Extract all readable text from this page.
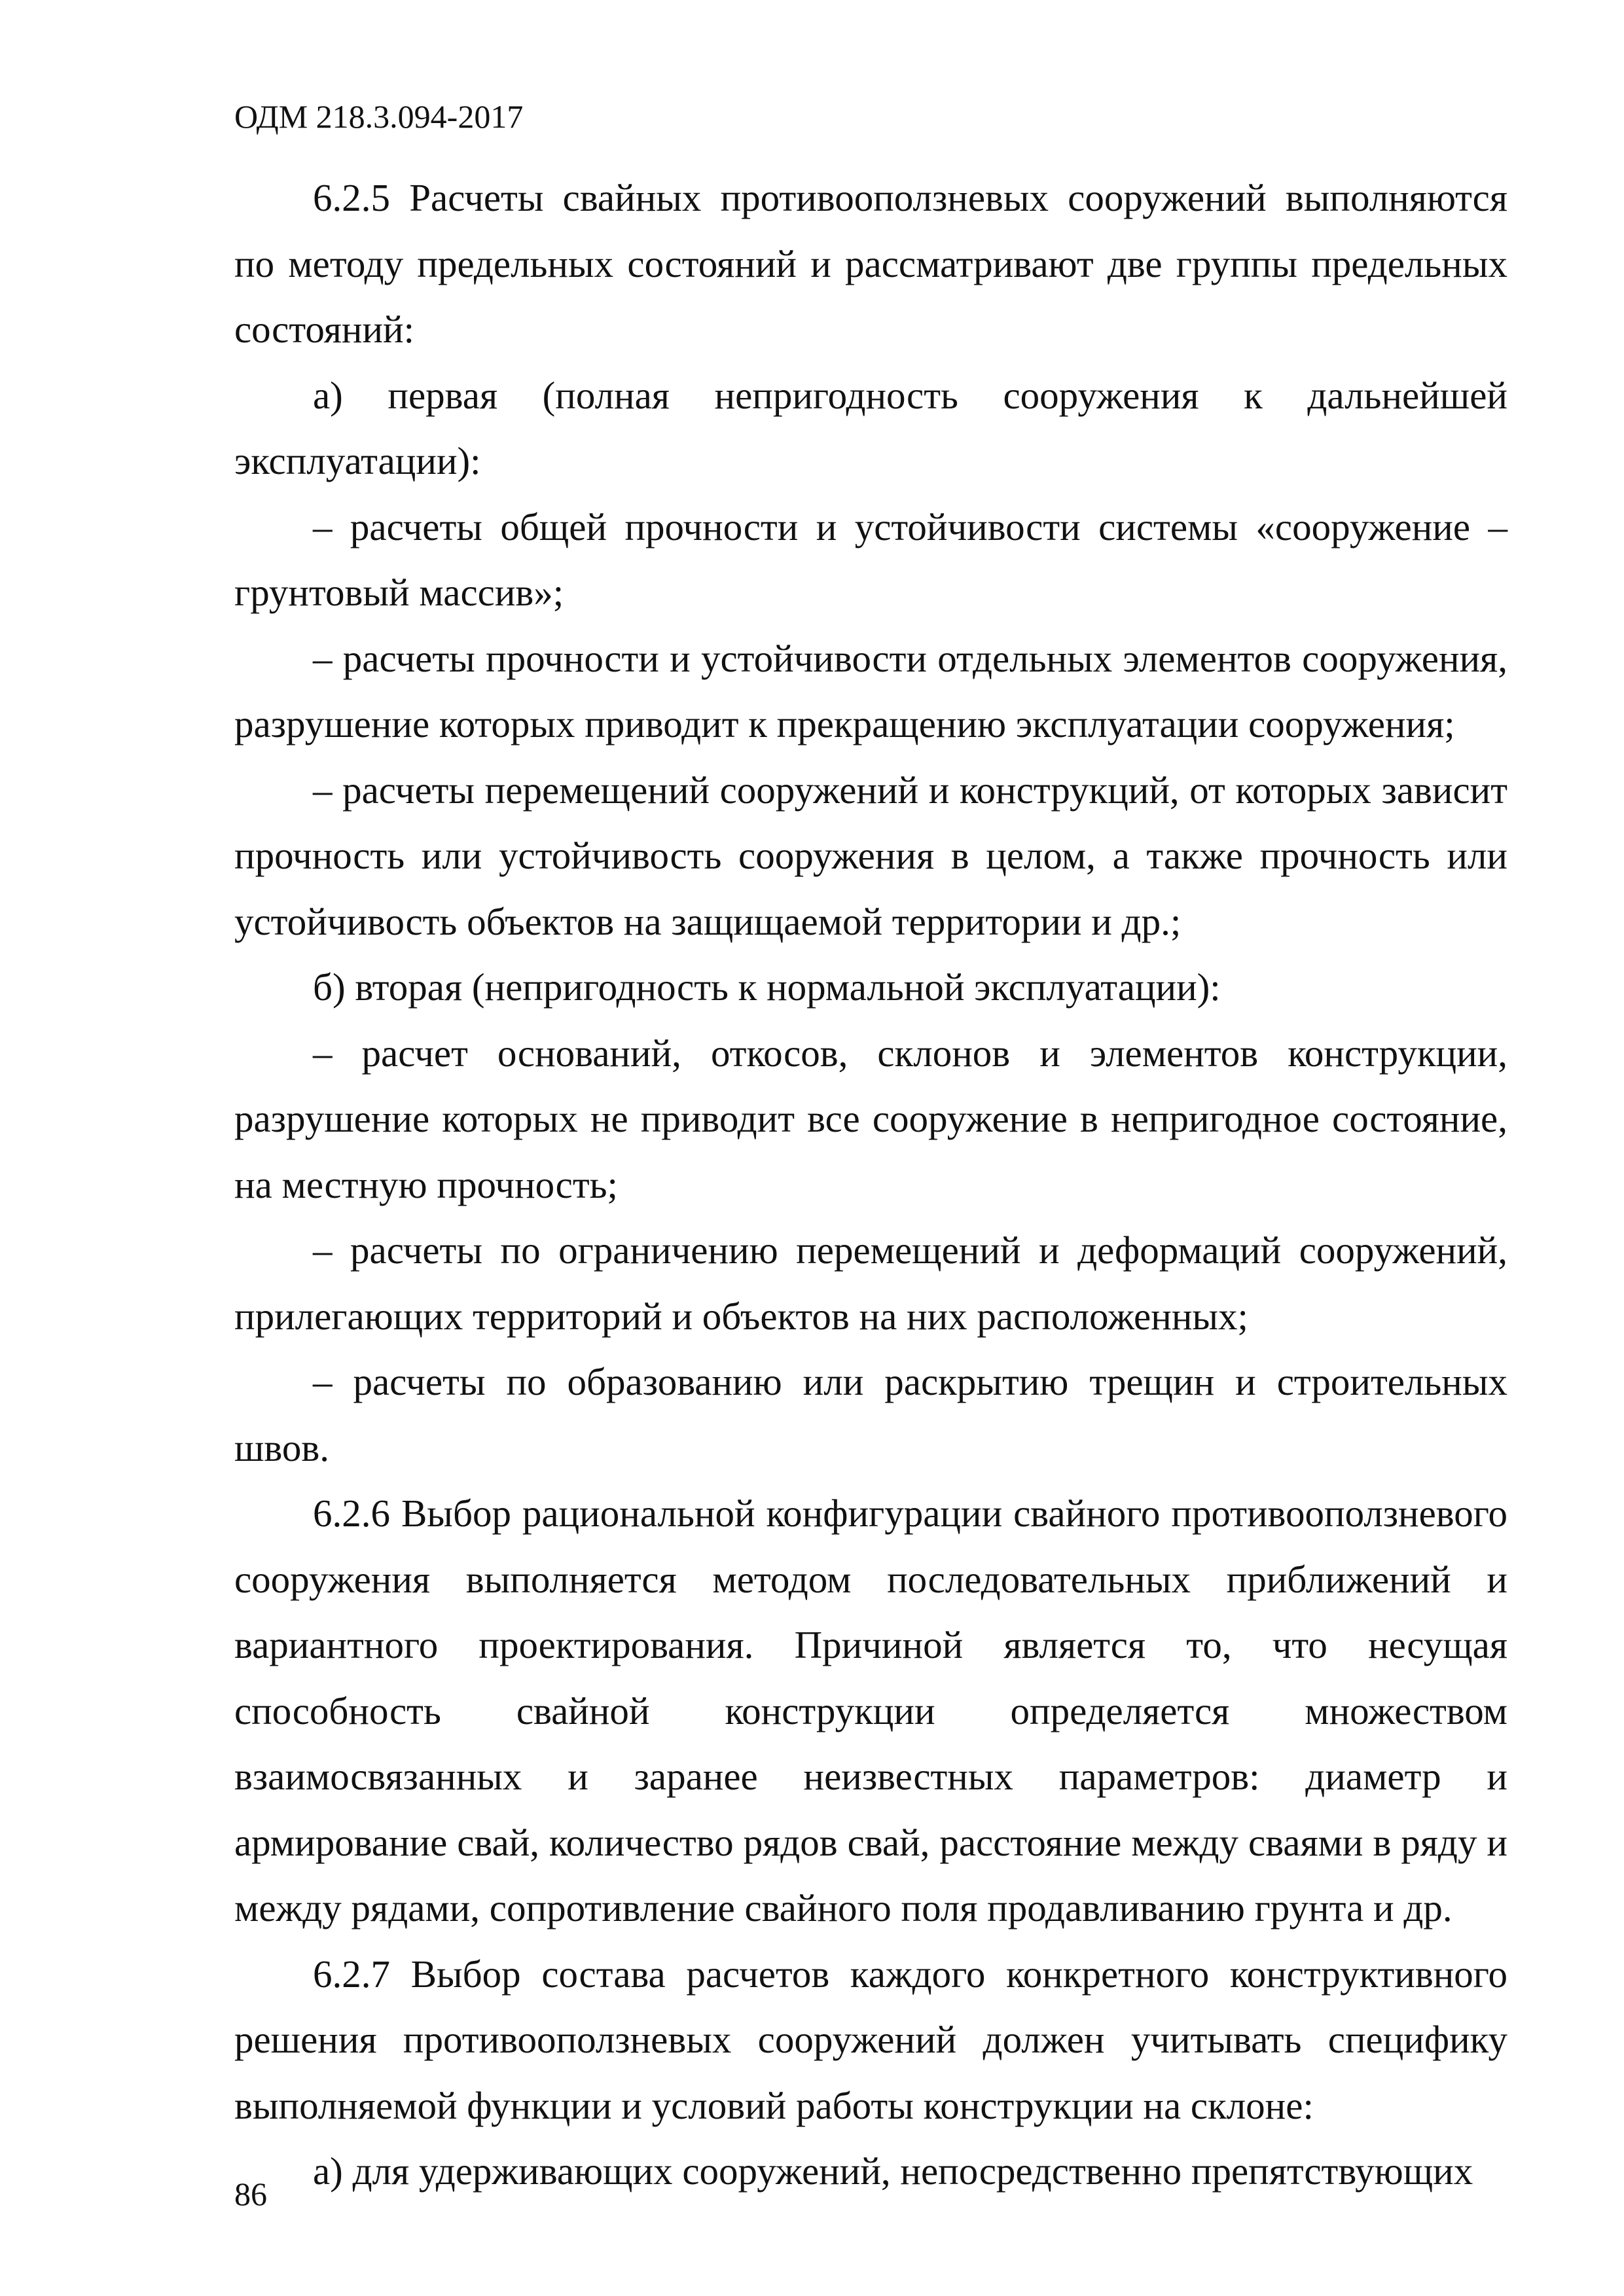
ОДМ 218.3.094-2017

6.2.5 Расчеты свайных противооползневых сооружений выполняются по методу предельных состояний и рассматривают две группы предельных состояний:

а) первая (полная непригодность сооружения к дальнейшей эксплуатации):

– расчеты общей прочности и устойчивости системы «сооружение – грунтовый массив»;

– расчеты прочности и устойчивости отдельных элементов сооружения, разрушение которых приводит к прекращению эксплуатации сооружения;

– расчеты перемещений сооружений и конструкций, от которых зависит прочность или устойчивость сооружения в целом, а также прочность или устойчивость объектов на защищаемой территории и др.;

б) вторая (непригодность к нормальной эксплуатации):

– расчет оснований, откосов, склонов и элементов конструкции, разрушение которых не приводит все сооружение в непригодное состояние, на местную прочность;

– расчеты по ограничению перемещений и деформаций сооружений, прилегающих территорий и объектов на них расположенных;

– расчеты по образованию или раскрытию трещин и строительных швов.

6.2.6 Выбор рациональной конфигурации свайного противооползневого сооружения выполняется методом последовательных приближений и вариантного проектирования. Причиной является то, что несущая способность свайной конструкции определяется множеством взаимосвязанных и заранее неизвестных параметров: диаметр и армирование свай, количество рядов свай, расстояние между сваями в ряду и между рядами, сопротивление свайного поля продавливанию грунта и др.

6.2.7 Выбор состава расчетов каждого конкретного конструктивного решения противооползневых сооружений должен учитывать специфику выполняемой функции и условий работы конструкции на склоне:

а) для удерживающих сооружений, непосредственно препятствующих

86
